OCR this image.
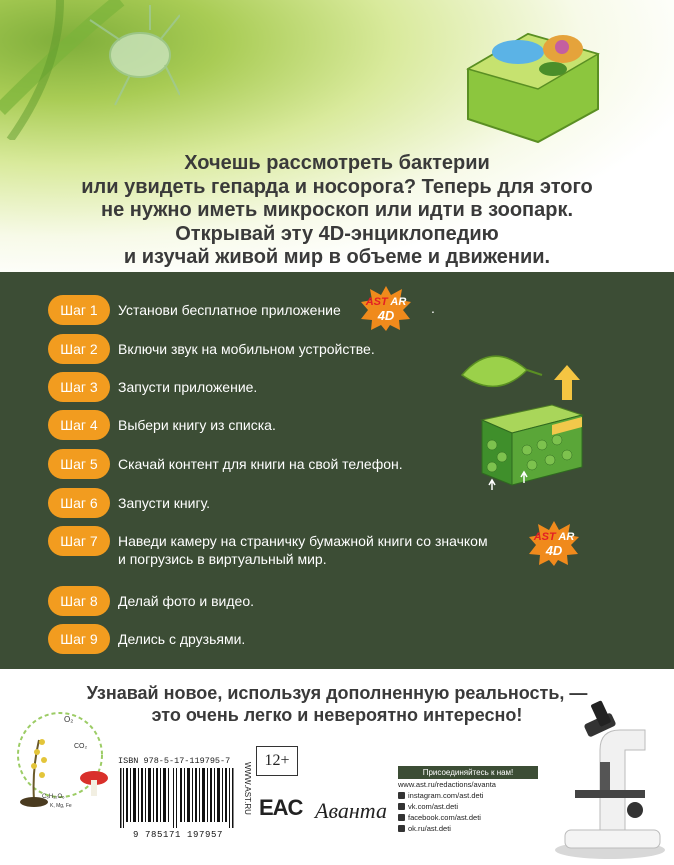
Хочешь рассмотреть бактерии
или увидеть гепарда и носорога? Теперь для этого
не нужно иметь микроскоп или идти в зоопарк.
Открывай эту 4D-энциклопедию
и изучай живой мир в объеме и движении.
Шаг 1	Установи бесплатное приложение
Шаг 2	Включи звук на мобильном устройстве.
Шаг 3	Запусти приложение.
Шаг 4	Выбери книгу из списка.
Шаг 5	Скачай контент для книги на свой телефон.
Шаг 6	Запусти книгу.
Шаг 7	Наведи камеру на страничку бумажной книги со значком
и погрузись в виртуальный мир.
Шаг 8	Делай фото и видео.
Шаг 9	Делись с друзьями.
AST AR
4D	.
AST AR
4D
Узнавай новое, используя дополненную реальность, —
это очень легко и невероятно интересно!
O₂
CO₂
C₆H₁₂O₆
K, Mg, Fe
12+
ISBN 978-5-17-119795-7
9 785171 197957
WWW.AST.RU EAC Аванта
Присоединяйтесь к нам!
www.ast.ru/redactions/avanta
instagram.com/ast.deti
vk.com/ast.deti
facebook.com/ast.deti
ok.ru/ast.deti
